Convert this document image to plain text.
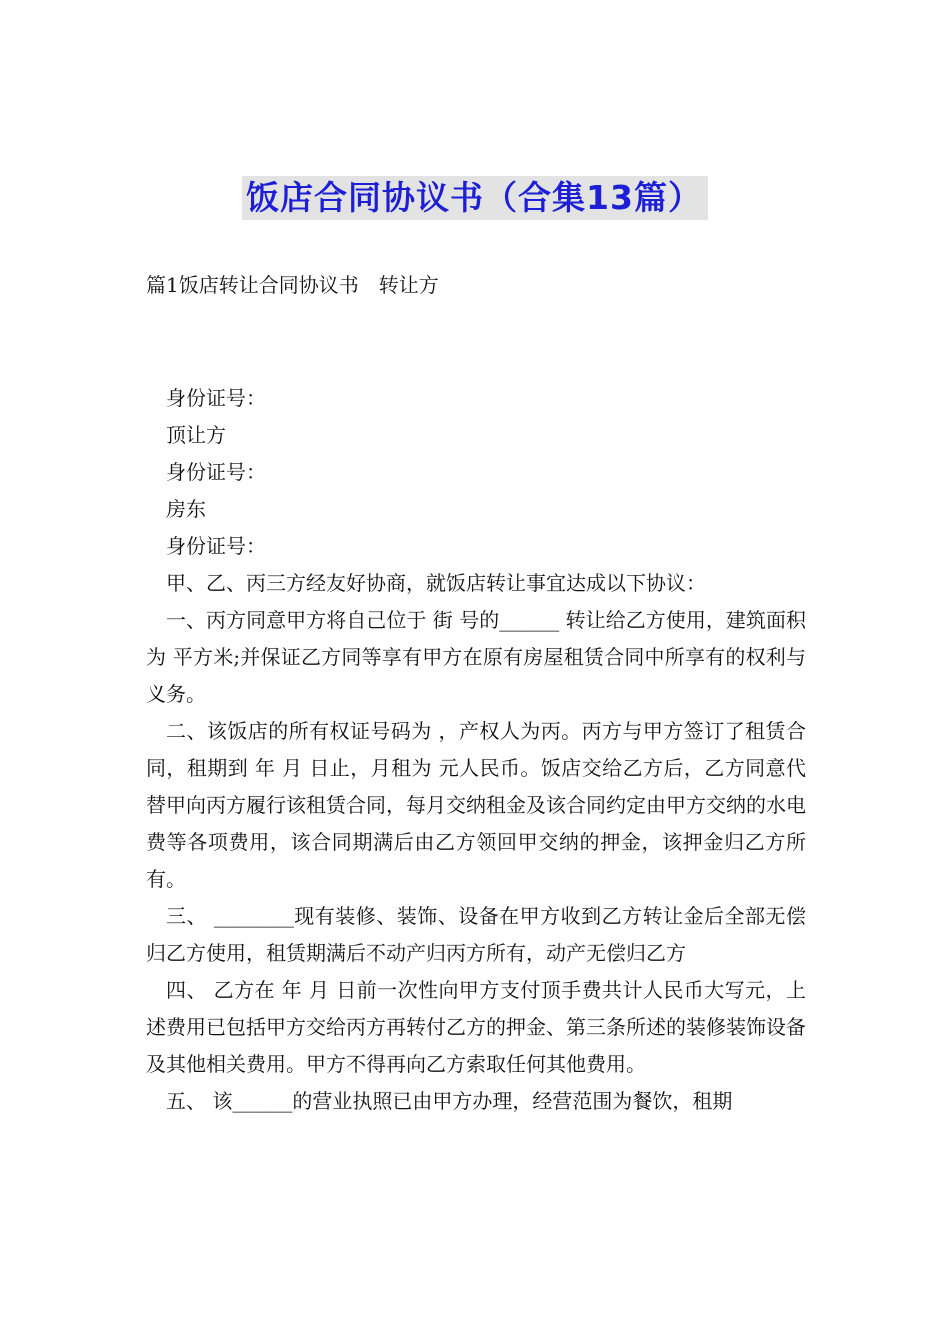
饭店合同协议书（合集13篇）
篇1饭店转让合同协议书　转让方

身份证号：

顶让方

身份证号：

房东

身份证号：

甲、乙、丙三方经友好协商，就饭店转让事宜达成以下协议：

一、丙方同意甲方将自己位于 街 号的______ 转让给乙方使用，建筑面积为 平方米;并保证乙方同等享有甲方在原有房屋租赁合同中所享有的权利与义务。

二、该饭店的所有权证号码为 ，产权人为丙。丙方与甲方签订了租赁合同，租期到 年 月 日止，月租为 元人民币。饭店交给乙方后，乙方同意代替甲向丙方履行该租赁合同，每月交纳租金及该合同约定由甲方交纳的水电费等各项费用，该合同期满后由乙方领回甲交纳的押金，该押金归乙方所有。

三、 ________现有装修、装饰、设备在甲方收到乙方转让金后全部无偿归乙方使用，租赁期满后不动产归丙方所有，动产无偿归乙方

四、 乙方在 年 月 日前一次性向甲方支付顶手费共计人民币大写元，上述费用已包括甲方交给丙方再转付乙方的押金、第三条所述的装修装饰设备及其他相关费用。甲方不得再向乙方索取任何其他费用。

五、 该______的营业执照已由甲方办理，经营范围为餐饮，租期
